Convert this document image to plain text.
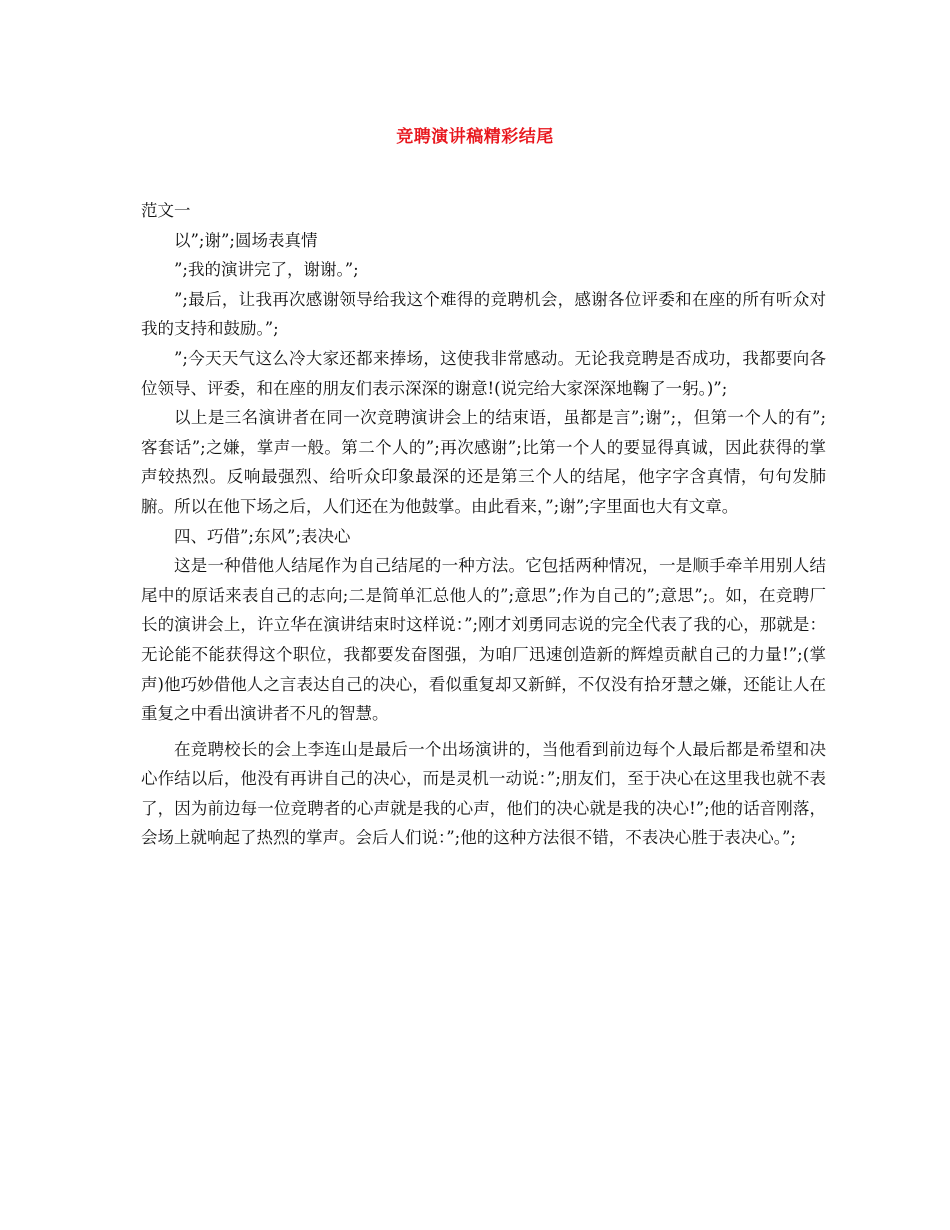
竞聘演讲稿精彩结尾

范文一

以”;谢”;圆场表真情

”;我的演讲完了，谢谢。”;

”;最后，让我再次感谢领导给我这个难得的竞聘机会，感谢各位评委和在座的所有听众对我的支持和鼓励。”;

”;今天天气这么冷大家还都来捧场，这使我非常感动。无论我竞聘是否成功，我都要向各位领导、评委，和在座的朋友们表示深深的谢意!(说完给大家深深地鞠了一躬。)”;

以上是三名演讲者在同一次竞聘演讲会上的结束语，虽都是言”;谢”;，但第一个人的有”;客套话”;之嫌，掌声一般。第二个人的”;再次感谢”;比第一个人的要显得真诚，因此获得的掌声较热烈。反响最强烈、给听众印象最深的还是第三个人的结尾，他字字含真情，句句发肺腑。所以在他下场之后，人们还在为他鼓掌。由此看来，”;谢”;字里面也大有文章。

四、巧借”;东风”;表决心

这是一种借他人结尾作为自己结尾的一种方法。它包括两种情况，一是顺手牵羊用别人结尾中的原话来表自己的志向;二是简单汇总他人的”;意思”;作为自己的”;意思”;。如，在竞聘厂长的演讲会上，许立华在演讲结束时这样说：”;刚才刘勇同志说的完全代表了我的心，那就是：无论能不能获得这个职位，我都要发奋图强，为咱厂迅速创造新的辉煌贡献自己的力量!”;(掌声)他巧妙借他人之言表达自己的决心，看似重复却又新鲜，不仅没有拾牙慧之嫌，还能让人在重复之中看出演讲者不凡的智慧。

在竞聘校长的会上李连山是最后一个出场演讲的，当他看到前边每个人最后都是希望和决心作结以后，他没有再讲自己的决心，而是灵机一动说：”;朋友们，至于决心在这里我也就不表了，因为前边每一位竞聘者的心声就是我的心声，他们的决心就是我的决心!”;他的话音刚落，会场上就响起了热烈的掌声。会后人们说：”;他的这种方法很不错，不表决心胜于表决心。”;
